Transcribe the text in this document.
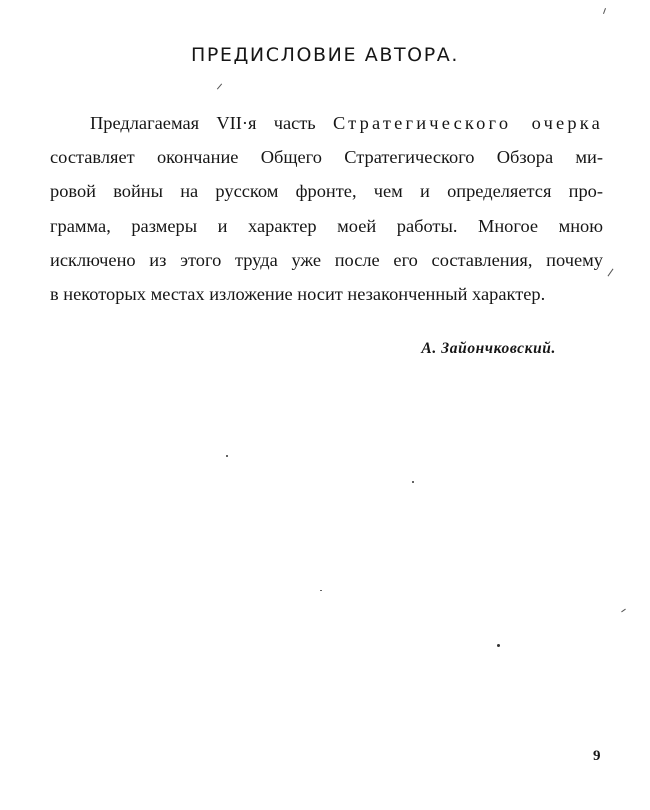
ПРЕДИСЛОВИЕ АВТОРА.

Предлагаемая VII·я часть Стратегического очерка
составляет окончание Общего Стратегического Обзора ми-
ровой войны на русском фронте, чем и определяется про-
грамма, размеры и характер моей работы. Многое мною
исключено из этого труда уже после его составления, почему
в некоторых местах изложение носит незаконченный характер.

А. Зайончковский.

9
